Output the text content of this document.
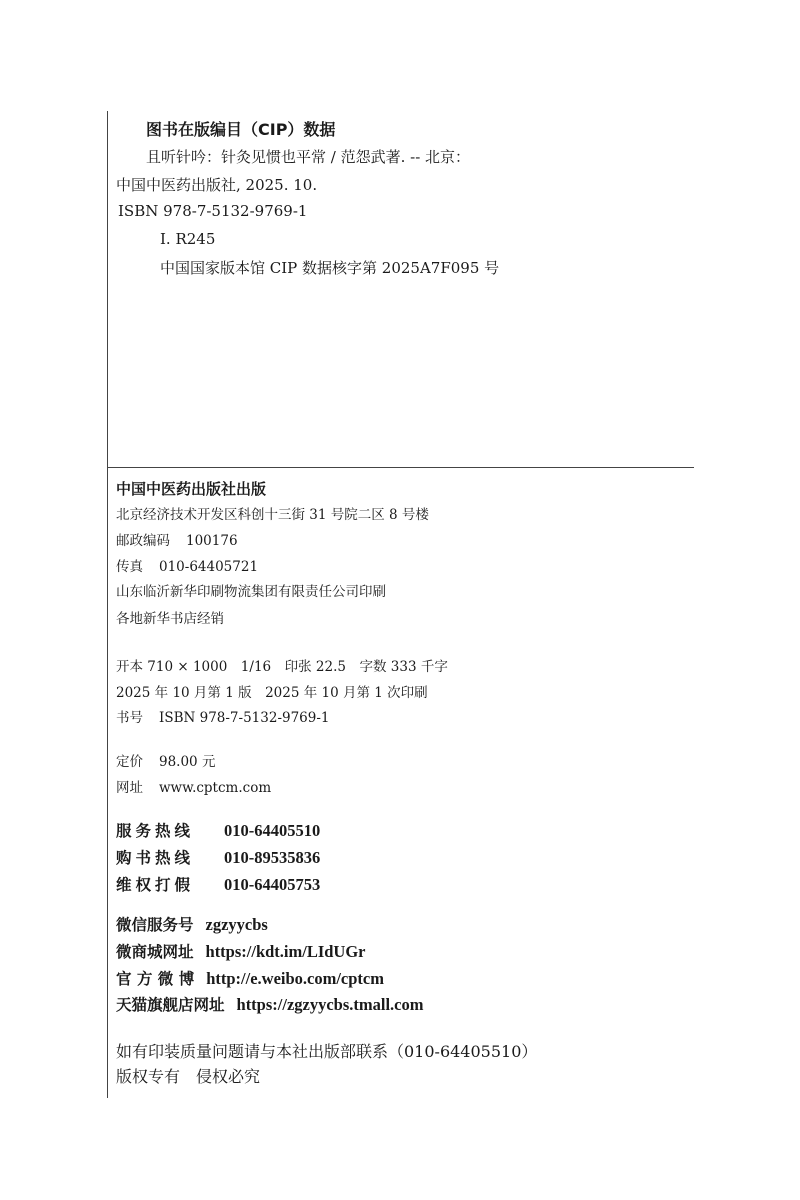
图书在版编目（CIP）数据
且听针吟：针灸见惯也平常 / 范怨武著. -- 北京：
中国中医药出版社, 2025. 10.
ISBN 978-7-5132-9769-1
Ⅰ. R245
中国国家版本馆 CIP 数据核字第 2025A7F095 号
中国中医药出版社出版
北京经济技术开发区科创十三街 31 号院二区 8 号楼
邮政编码 100176
传真 010-64405721
山东临沂新华印刷物流集团有限责任公司印刷
各地新华书店经销
开本 710 × 1000　1/16　印张 22.5　字数 333 千字
2025 年 10 月第 1 版　2025 年 10 月第 1 次印刷
书号 ISBN 978-7-5132-9769-1
定价 98.00 元
网址 www.cptcm.com
服务热线 010-64405510
购书热线 010-89535836
维权打假 010-64405753
微信服务号 zgzyycbs
微商城网址 https://kdt.im/LIdUGr
官 方 微 博 http://e.weibo.com/cptcm
天猫旗舰店网址 https://zgzyycbs.tmall.com
如有印装质量问题请与本社出版部联系（010-64405510）
版权专有　侵权必究
